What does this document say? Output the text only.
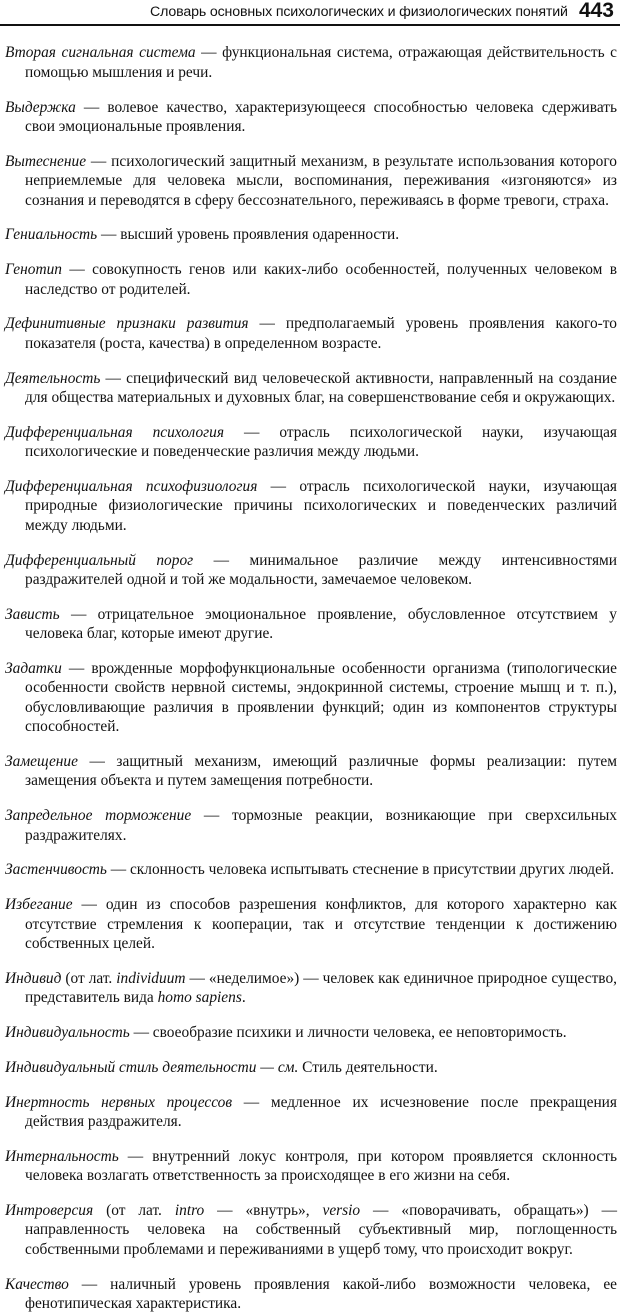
Словарь основных психологических и физиологических понятий 443

Вторая сигнальная система — функциональная система, отражающая действительность с помощью мышления и речи.

Выдержка — волевое качество, характеризующееся способностью человека сдерживать свои эмоциональные проявления.

Вытеснение — психологический защитный механизм, в результате использования которого неприемлемые для человека мысли, воспоминания, переживания «изгоняются» из сознания и переводятся в сферу бессознательного, переживаясь в форме тревоги, страха.

Гениальность — высший уровень проявления одаренности.

Генотип — совокупность генов или каких-либо особенностей, полученных человеком в наследство от родителей.

Дефинитивные признаки развития — предполагаемый уровень проявления какого-то показателя (роста, качества) в определенном возрасте.

Деятельность — специфический вид человеческой активности, направленный на создание для общества материальных и духовных благ, на совершенствование себя и окружающих.

Дифференциальная психология — отрасль психологической науки, изучающая психологические и поведенческие различия между людьми.

Дифференциальная психофизиология — отрасль психологической науки, изучающая природные физиологические причины психологических и поведенческих различий между людьми.

Дифференциальный порог — минимальное различие между интенсивностями раздражителей одной и той же модальности, замечаемое человеком.

Зависть — отрицательное эмоциональное проявление, обусловленное отсутствием у человека благ, которые имеют другие.

Задатки — врожденные морфофункциональные особенности организма (типологические особенности свойств нервной системы, эндокринной системы, строение мышц и т. п.), обусловливающие различия в проявлении функций; один из компонентов структуры способностей.

Замещение — защитный механизм, имеющий различные формы реализации: путем замещения объекта и путем замещения потребности.

Запредельное торможение — тормозные реакции, возникающие при сверхсильных раздражителях.

Застенчивость — склонность человека испытывать стеснение в присутствии других людей.

Избегание — один из способов разрешения конфликтов, для которого характерно как отсутствие стремления к кооперации, так и отсутствие тенденции к достижению собственных целей.

Индивид (от лат. individuum — «неделимое») — человек как единичное природное существо, представитель вида homo sapiens.

Индивидуальность — своеобразие психики и личности человека, ее неповторимость.

Индивидуальный стиль деятельности — см. Стиль деятельности.

Инертность нервных процессов — медленное их исчезновение после прекращения действия раздражителя.

Интернальность — внутренний локус контроля, при котором проявляется склонность человека возлагать ответственность за происходящее в его жизни на себя.

Интроверсия (от лат. intro — «внутрь», versio — «поворачивать, обращать») — направленность человека на собственный субъективный мир, поглощенность собственными проблемами и переживаниями в ущерб тому, что происходит вокруг.

Качество — наличный уровень проявления какой-либо возможности человека, ее фенотипическая характеристика.
